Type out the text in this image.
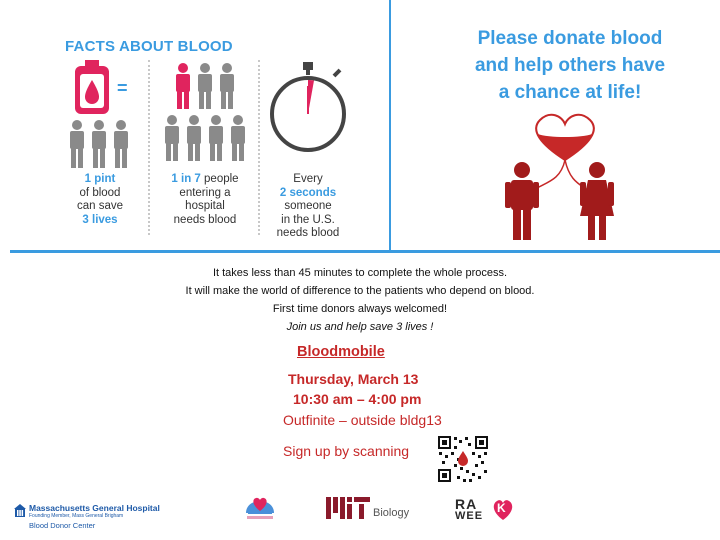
FACTS ABOUT BLOOD
=
1 pint
of blood
can save
3 lives
1 in 7 people
entering a
hospital
needs blood
Every
2 seconds
someone
in the U.S.
needs blood
Please donate blood
and help others have
a chance at life!
It takes less than 45 minutes to complete the whole process.
It will make the world of difference to the patients who depend on blood.
First time donors always welcomed!
Join us and help save 3 lives !
Bloodmobile
Thursday, March 13
10:30 am – 4:00 pm
Outfinite – outside bldg13
Sign up by scanning
Massachusetts General Hospital
Founding Member, Mass General Brigham
Blood Donor Center
Biology
RA
WEE
K
